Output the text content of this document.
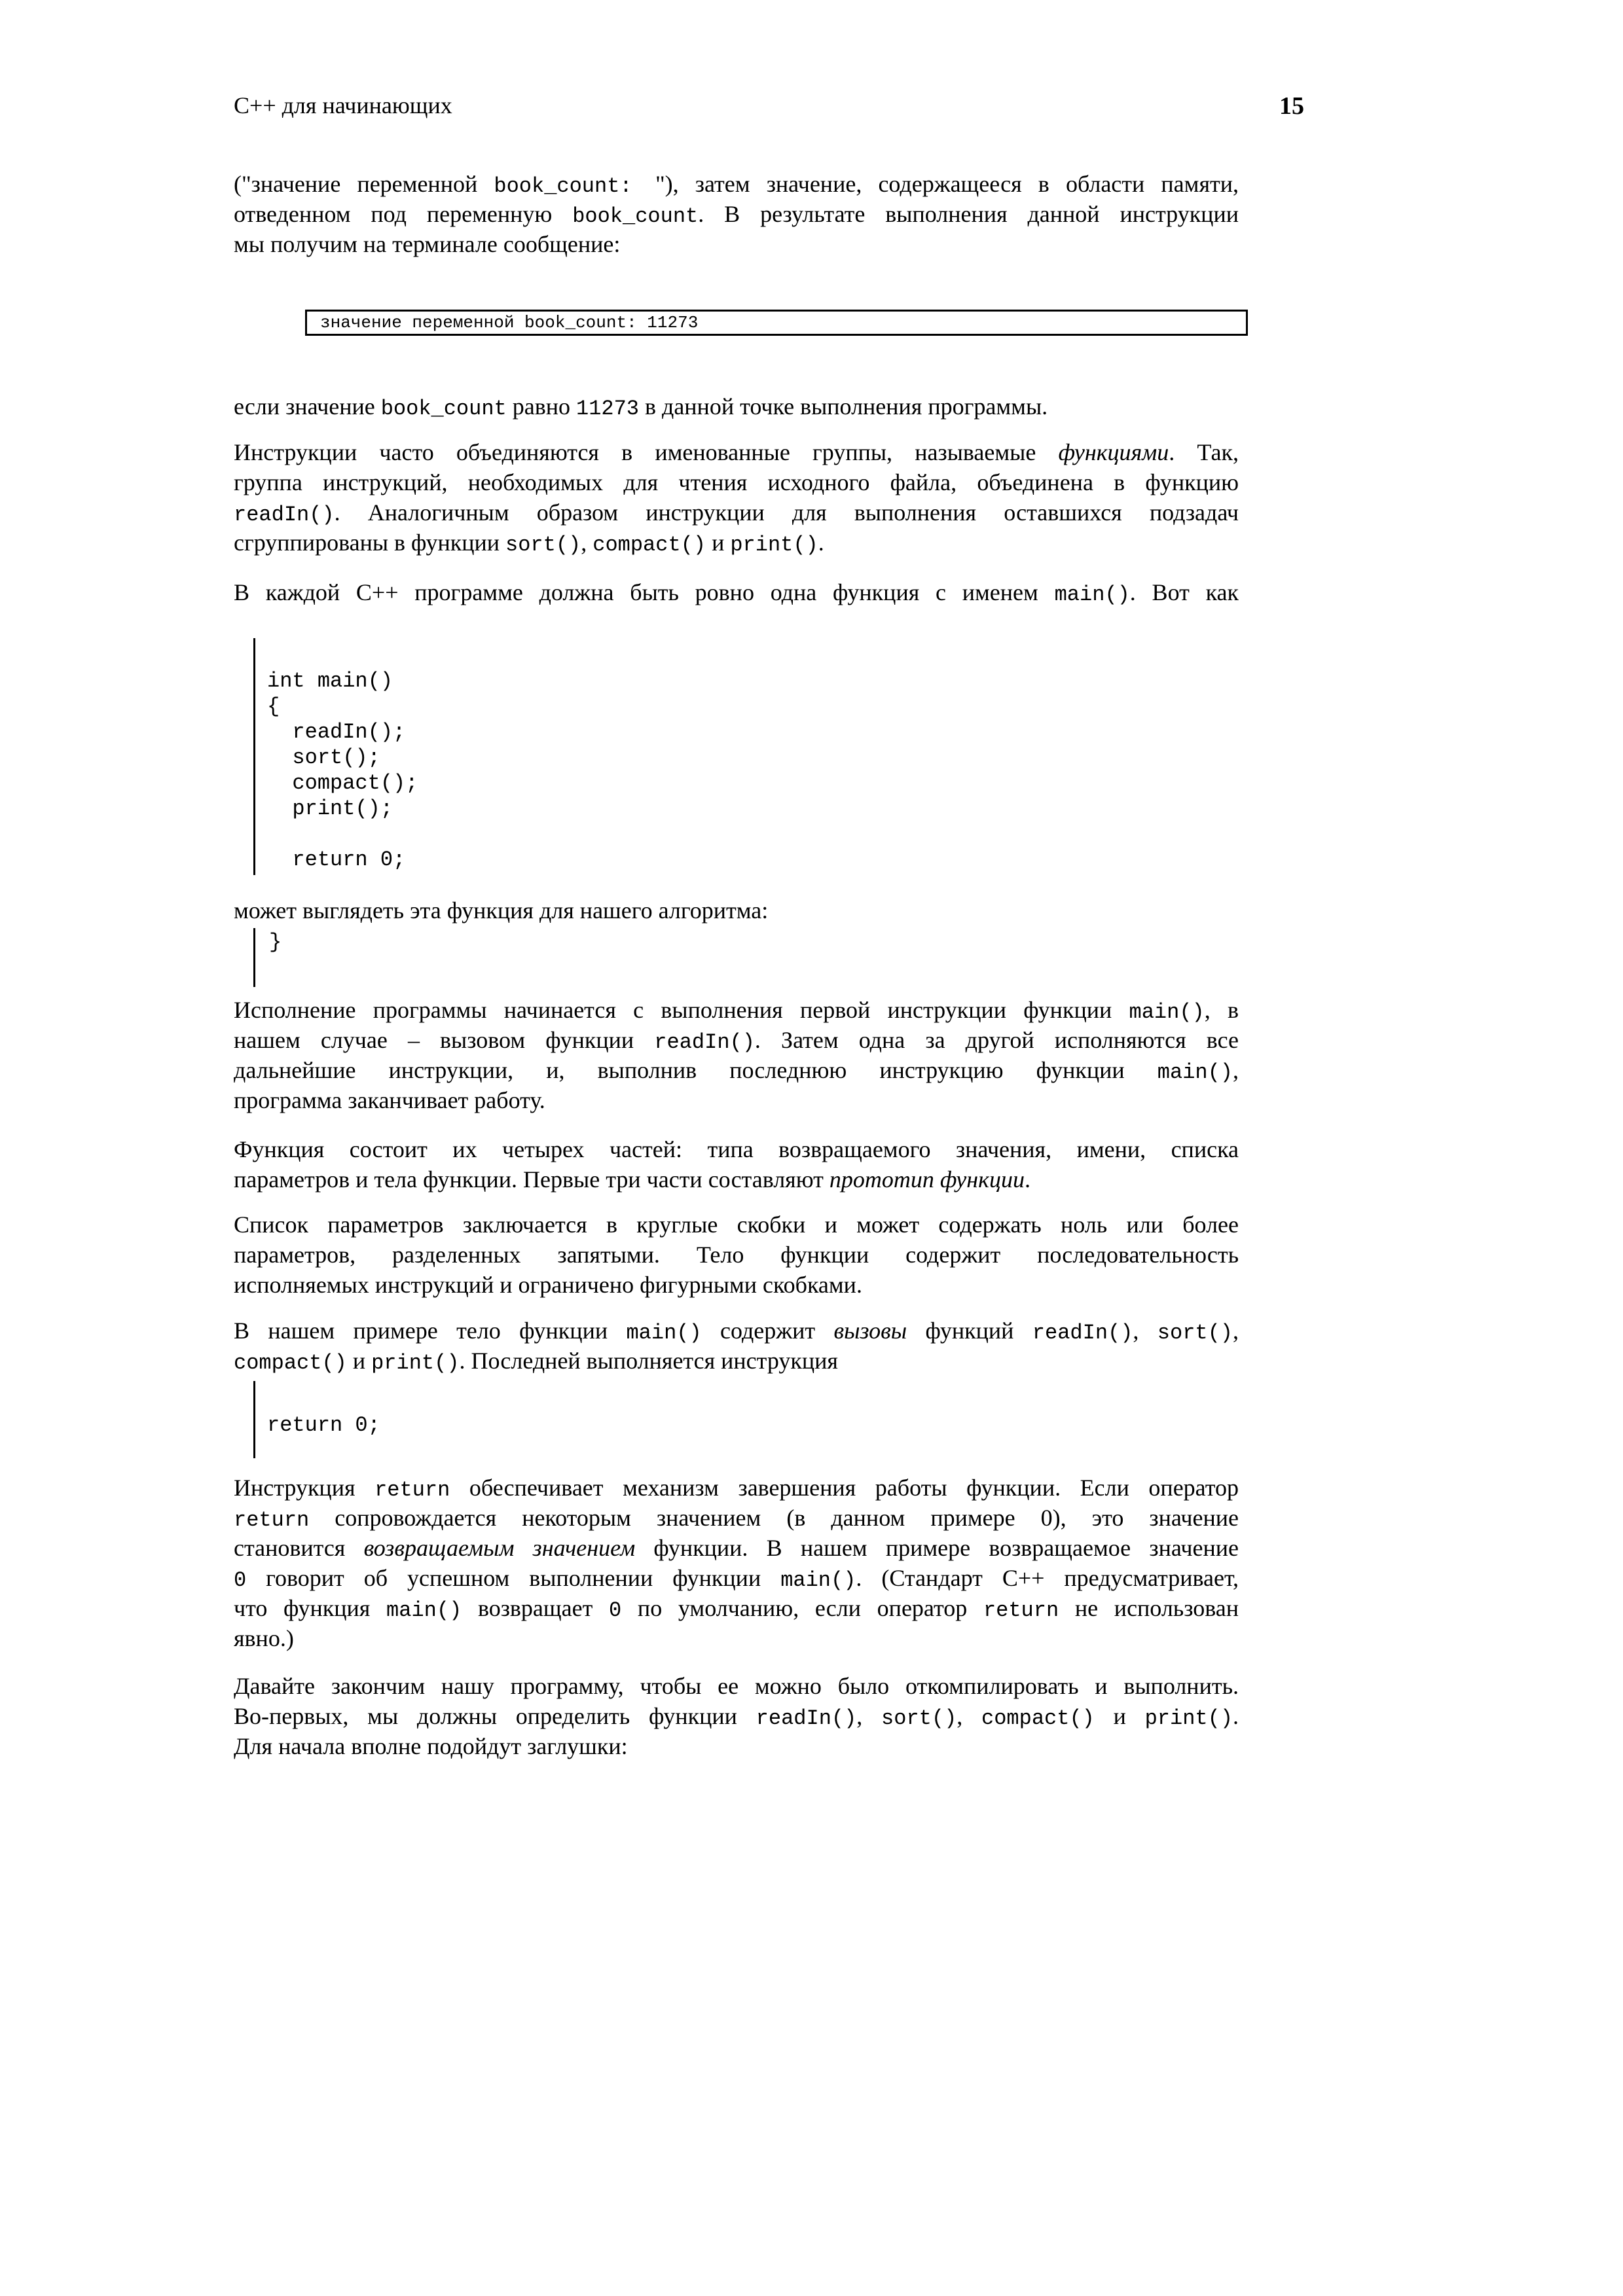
C++ для начинающих	15
("значение переменной book_count: "), затем значение, содержащееся в области памяти,
отведенном под переменную book_count. В результате выполнения данной инструкции
мы получим на терминале сообщение:
значение переменной book_count: 11273
если значение book_count равно 11273 в данной точке выполнения программы.
Инструкции часто объединяются в именованные группы, называемые функциями. Так,
группа инструкций, необходимых для чтения исходного файла, объединена в функцию
readIn(). Аналогичным образом инструкции для выполнения оставшихся подзадач
сгруппированы в функции sort(), compact() и print().
В каждой С++ программе должна быть ровно одна функция с именем main(). Вот как
int main()
{
readIn();
sort();
compact();
print();

return 0;
может выглядеть эта функция для нашего алгоритма:
}
Исполнение программы начинается с выполнения первой инструкции функции main(), в
нашем случае – вызовом функции readIn(). Затем одна за другой исполняются все
дальнейшие инструкции, и, выполнив последнюю инструкцию функции main(),
программа заканчивает работу.
Функция состоит их четырех частей: типа возвращаемого значения, имени, списка
параметров и тела функции. Первые три части составляют прототип функции.
Список параметров заключается в круглые скобки и может содержать ноль или более
параметров, разделенных запятыми. Тело функции содержит последовательность
исполняемых инструкций и ограничено фигурными скобками.
В нашем примере тело функции main() содержит вызовы функций readIn(), sort(),
compact() и print(). Последней выполняется инструкция
return 0;
Инструкция return обеспечивает механизм завершения работы функции. Если оператор
return сопровождается некоторым значением (в данном примере 0), это значение
становится возвращаемым значением функции. В нашем примере возвращаемое значение
0 говорит об успешном выполнении функции main(). (Стандарт С++ предусматривает,
что функция main() возвращает 0 по умолчанию, если оператор return не использован
явно.)
Давайте закончим нашу программу, чтобы ее можно было откомпилировать и выполнить.
Во-первых, мы должны определить функции readIn(), sort(), compact() и print().
Для начала вполне подойдут заглушки:
